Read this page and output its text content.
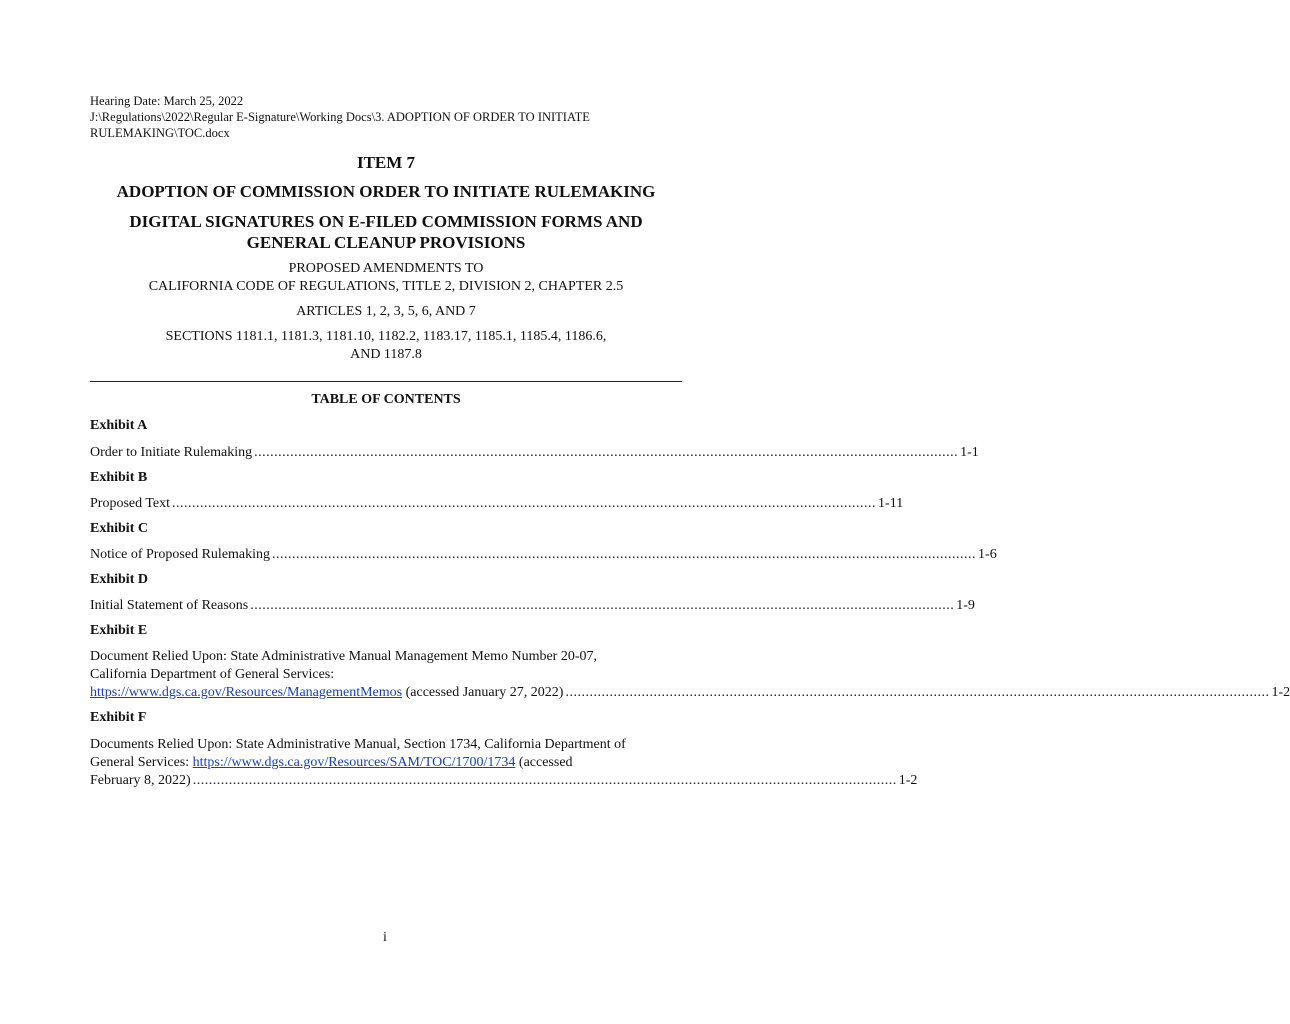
Hearing Date: March 25, 2022
J:\Regulations\2022\Regular E-Signature\Working Docs\3. ADOPTION OF ORDER TO INITIATE
RULEMAKING\TOC.docx
ITEM 7
ADOPTION OF COMMISSION ORDER TO INITIATE RULEMAKING
DIGITAL SIGNATURES ON E-FILED COMMISSION FORMS AND
GENERAL CLEANUP PROVISIONS
PROPOSED AMENDMENTS TO
CALIFORNIA CODE OF REGULATIONS, TITLE 2, DIVISION 2, CHAPTER 2.5
ARTICLES 1, 2, 3, 5, 6, AND 7
SECTIONS 1181.1, 1181.3, 1181.10, 1182.2, 1183.17, 1185.1, 1185.4, 1186.6,
AND 1187.8
TABLE OF CONTENTS
Exhibit A
Order to Initiate Rulemaking ................................................................................................................................................................................ 1-1
Exhibit B
Proposed Text ................................................................................................................................................................................ 1-11
Exhibit C
Notice of Proposed Rulemaking ................................................................................................................................................................................ 1-6
Exhibit D
Initial Statement of Reasons ................................................................................................................................................................................ 1-9
Exhibit E
Document Relied Upon: State Administrative Manual Management Memo Number 20-07,
California Department of General Services:
https://www.dgs.ca.gov/Resources/ManagementMemos (accessed January 27, 2022) ................................................................................................................................................................................ 1-2
Exhibit F
Documents Relied Upon: State Administrative Manual, Section 1734, California Department of
General Services: https://www.dgs.ca.gov/Resources/SAM/TOC/1700/1734 (accessed
February 8, 2022) ................................................................................................................................................................................ 1-2
i
